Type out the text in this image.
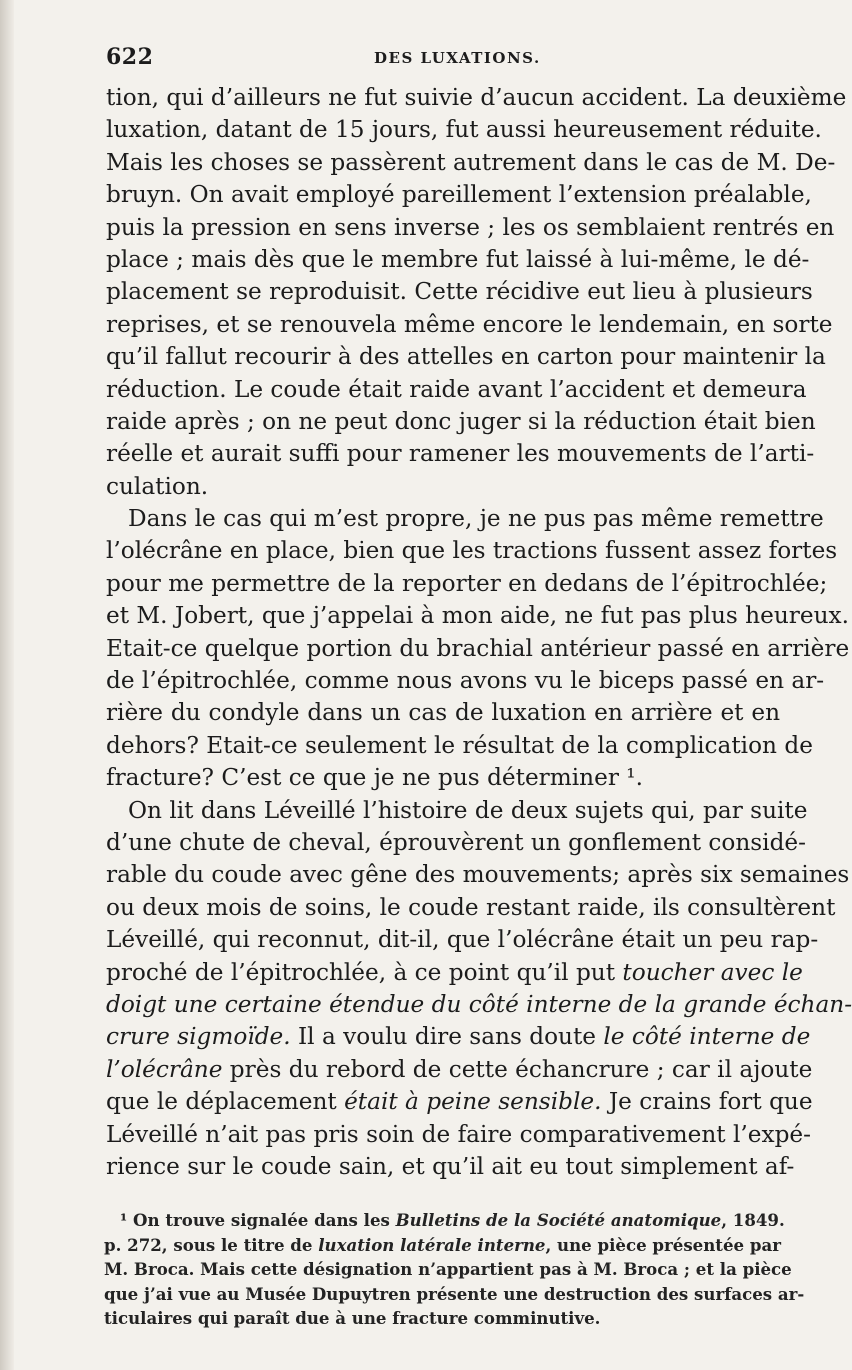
622	DES LUXATIONS.
tion, qui d’ailleurs ne fut suivie d’aucun accident. La deuxième
luxation, datant de 15 jours, fut aussi heureusement réduite.
Mais les choses se passèrent autrement dans le cas de M. De-
bruyn. On avait employé pareillement l’extension préalable,
puis la pression en sens inverse ; les os semblaient rentrés en
place ; mais dès que le membre fut laissé à lui-même, le dé-
placement se reproduisit. Cette récidive eut lieu à plusieurs
reprises, et se renouvela même encore le lendemain, en sorte
qu’il fallut recourir à des attelles en carton pour maintenir la
réduction. Le coude était raide avant l’accident et demeura
raide après ; on ne peut donc juger si la réduction était bien
réelle et aurait suffi pour ramener les mouvements de l’arti-
culation.
Dans le cas qui m’est propre, je ne pus pas même remettre
l’olécrâne en place, bien que les tractions fussent assez fortes
pour me permettre de la reporter en dedans de l’épitrochlée;
et M. Jobert, que j’appelai à mon aide, ne fut pas plus heureux.
Etait-ce quelque portion du brachial antérieur passé en arrière
de l’épitrochlée, comme nous avons vu le biceps passé en ar-
rière du condyle dans un cas de luxation en arrière et en
dehors? Etait-ce seulement le résultat de la complication de
fracture? C’est ce que je ne pus déterminer ¹.
On lit dans Léveillé l’histoire de deux sujets qui, par suite
d’une chute de cheval, éprouvèrent un gonflement considé-
rable du coude avec gêne des mouvements; après six semaines
ou deux mois de soins, le coude restant raide, ils consultèrent
Léveillé, qui reconnut, dit-il, que l’olécrâne était un peu rap-
proché de l’épitrochlée, à ce point qu’il put toucher avec le
doigt une certaine étendue du côté interne de la grande échan-
crure sigmoïde. Il a voulu dire sans doute le côté interne de
l’olécrâne près du rebord de cette échancrure ; car il ajoute
que le déplacement était à peine sensible. Je crains fort que
Léveillé n’ait pas pris soin de faire comparativement l’expé-
rience sur le coude sain, et qu’il ait eu tout simplement af-
¹ On trouve signalée dans les Bulletins de la Société anatomique, 1849.
p. 272, sous le titre de luxation latérale interne, une pièce présentée par
M. Broca. Mais cette désignation n’appartient pas à M. Broca ; et la pièce
que j’ai vue au Musée Dupuytren présente une destruction des surfaces ar-
ticulaires qui paraît due à une fracture comminutive.
